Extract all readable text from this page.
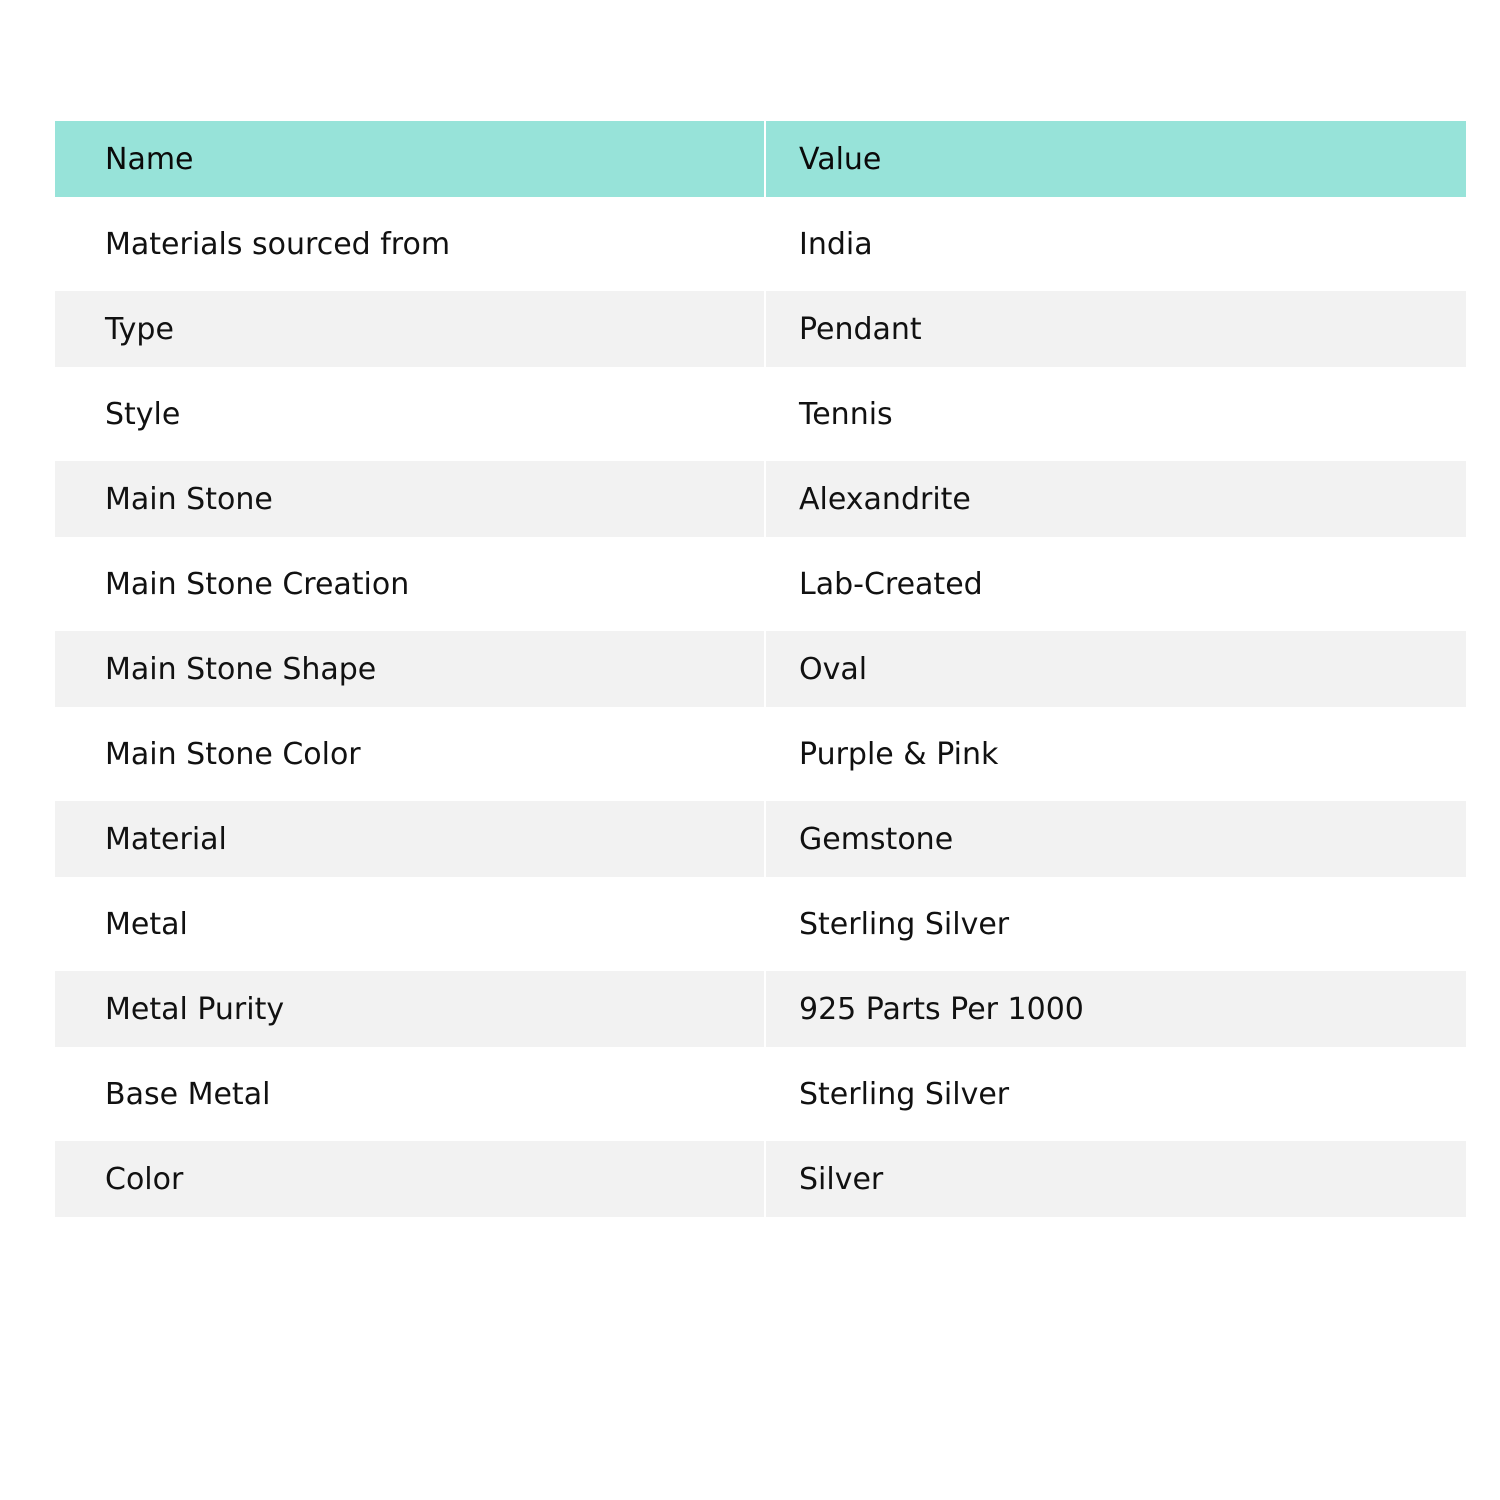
Name	Value
Materials sourced from	India
Type	Pendant
Style	Tennis
Main Stone	Alexandrite
Main Stone Creation	Lab-Created
Main Stone Shape	Oval
Main Stone Color	Purple & Pink
Material	Gemstone
Metal	Sterling Silver
Metal Purity	925 Parts Per 1000
Base Metal	Sterling Silver
Color	Silver
